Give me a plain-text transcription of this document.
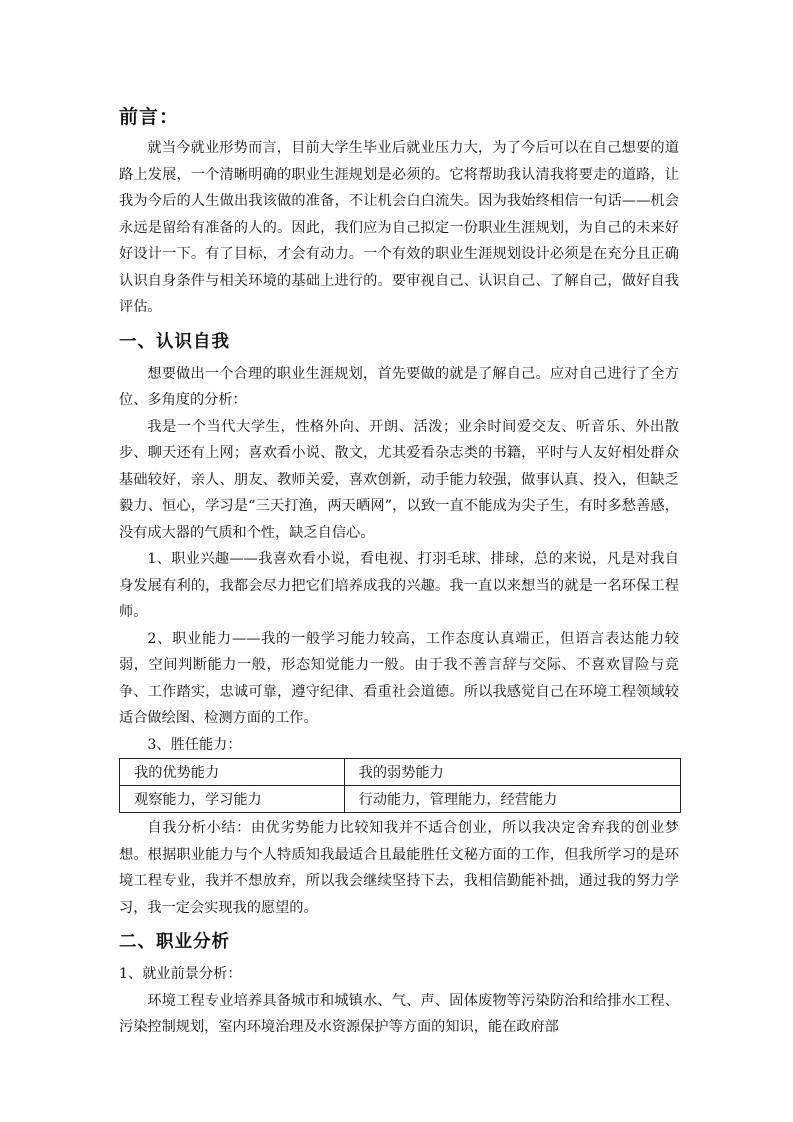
前言：

就当今就业形势而言，目前大学生毕业后就业压力大，为了今后可以在自己想要的道路上发展，一个清晰明确的职业生涯规划是必须的。它将帮助我认清我将要走的道路，让我为今后的人生做出我该做的准备，不让机会白白流失。因为我始终相信一句话——机会永远是留给有准备的人的。因此，我们应为自己拟定一份职业生涯规划，为自己的未来好好设计一下。有了目标，才会有动力。一个有效的职业生涯规划设计必须是在充分且正确认识自身条件与相关环境的基础上进行的。要审视自己、认识自己、了解自己，做好自我评估。

一、认识自我

想要做出一个合理的职业生涯规划，首先要做的就是了解自己。应对自己进行了全方位、多角度的分析：

我是一个当代大学生，性格外向、开朗、活泼；业余时间爱交友、听音乐、外出散步、聊天还有上网；喜欢看小说、散文，尤其爱看杂志类的书籍，平时与人友好相处群众基础较好，亲人、朋友、教师关爱，喜欢创新，动手能力较强，做事认真、投入，但缺乏毅力、恒心，学习是“三天打渔，两天晒网”，以致一直不能成为尖子生，有时多愁善感，没有成大器的气质和个性，缺乏自信心。

1、职业兴趣——我喜欢看小说，看电视、打羽毛球、排球，总的来说，凡是对我自身发展有利的，我都会尽力把它们培养成我的兴趣。我一直以来想当的就是一名环保工程师。

2、职业能力——我的一般学习能力较高，工作态度认真端正，但语言表达能力较弱，空间判断能力一般，形态知觉能力一般。由于我不善言辞与交际、不喜欢冒险与竞争、工作踏实，忠诚可靠，遵守纪律、看重社会道德。所以我感觉自己在环境工程领域较适合做绘图、检测方面的工作。

3、胜任能力：

我的优势能力	我的弱势能力
观察能力，学习能力	行动能力，管理能力，经营能力

自我分析小结：由优劣势能力比较知我并不适合创业，所以我决定舍弃我的创业梦想。根据职业能力与个人特质知我最适合且最能胜任文秘方面的工作，但我所学习的是环境工程专业，我并不想放弃，所以我会继续坚持下去，我相信勤能补拙，通过我的努力学习，我一定会实现我的愿望的。

二、职业分析

1、就业前景分析：

环境工程专业培养具备城市和城镇水、气、声、固体废物等污染防治和给排水工程、污染控制规划，室内环境治理及水资源保护等方面的知识，能在政府部
